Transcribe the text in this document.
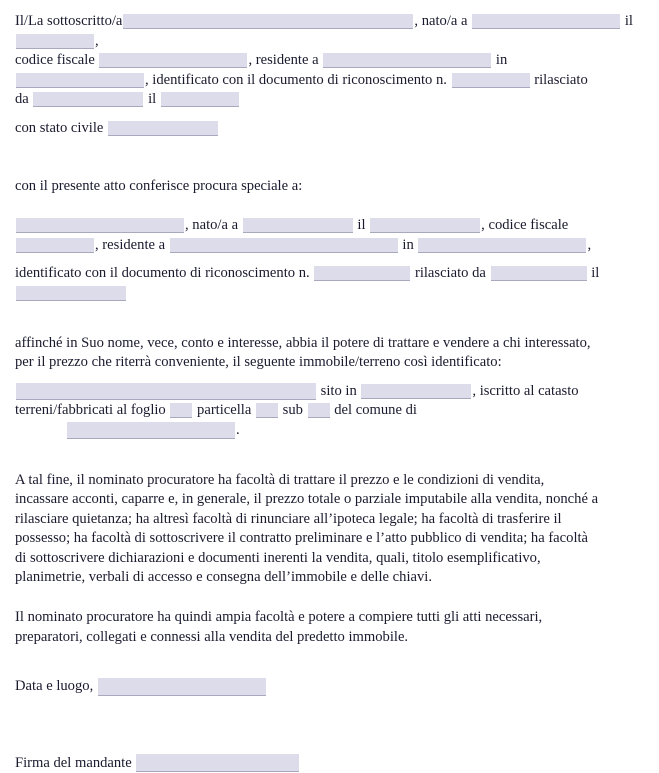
Il/La sottoscritto/a	, nato/a a	il ,
codice fiscale	, residente a	in
, identificato con il documento di riconoscimento n.	rilasciato
da	il
con stato civile
con il presente atto conferisce procura speciale a:
, nato/a a	il	, codice fiscale
, residente a	in	,
identificato con il documento di riconoscimento n.	rilasciato da	il
affinché in Suo nome, vece, conto e interesse, abbia il potere di trattare e vendere a chi interessato,
per il prezzo che riterrà conveniente, il seguente immobile/terreno così identificato:
sito in	, iscritto al catasto
terreni/fabbricati al foglio particella sub del comune di
.
A tal fine, il nominato procuratore ha facoltà di trattare il prezzo e le condizioni di vendita,
incassare acconti, caparre e, in generale, il prezzo totale o parziale imputabile alla vendita, nonché a
rilasciare quietanza; ha altresì facoltà di rinunciare all’ipoteca legale; ha facoltà di trasferire il
possesso; ha facoltà di sottoscrivere il contratto preliminare e l’atto pubblico di vendita; ha facoltà
di sottoscrivere dichiarazioni e documenti inerenti la vendita, quali, titolo esemplificativo,
planimetrie, verbali di accesso e consegna dell’immobile e delle chiavi.
Il nominato procuratore ha quindi ampia facoltà e potere a compiere tutti gli atti necessari,
preparatori, collegati e connessi alla vendita del predetto immobile.
Data e luogo,
Firma del mandante
